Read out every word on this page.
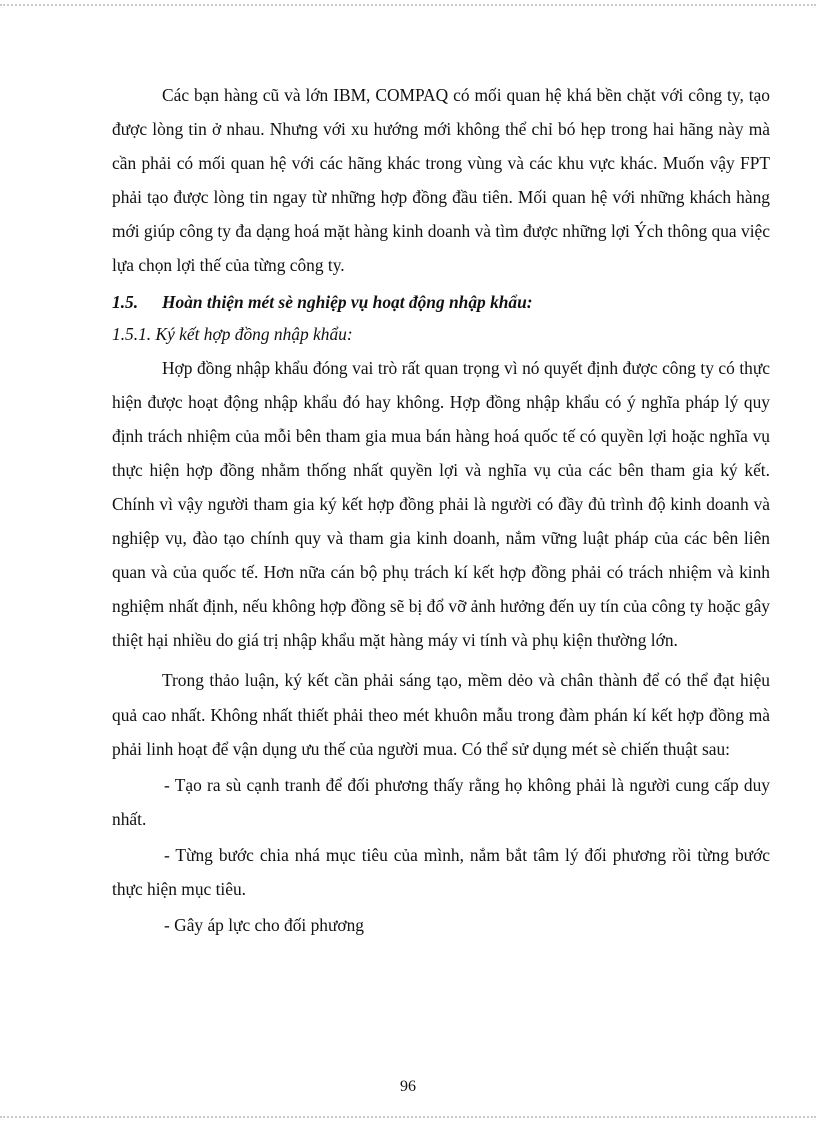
Các bạn hàng cũ và lớn IBM, COMPAQ có mối quan hệ khá bền chặt với công ty, tạo được lòng tin ở nhau. Nhưng với xu hướng mới không thể chỉ bó hẹp trong hai hãng này mà cần phải có mối quan hệ với các hãng khác trong vùng và các khu vực khác. Muốn vậy FPT phải tạo được lòng tin ngay từ những hợp đồng đầu tiên. Mối quan hệ với những khách hàng mới giúp công ty đa dạng hoá mặt hàng kinh doanh và tìm được những lợi Ých thông qua việc lựa chọn lợi thế của từng công ty.

1.5. Hoàn thiện mét sè nghiệp vụ hoạt động nhập khẩu:
1.5.1. Ký kết hợp đồng nhập khẩu:

Hợp đồng nhập khẩu đóng vai trò rất quan trọng vì nó quyết định được công ty có thực hiện được hoạt động nhập khẩu đó hay không. Hợp đồng nhập khẩu có ý nghĩa pháp lý quy định trách nhiệm của mỗi bên tham gia mua bán hàng hoá quốc tế có quyền lợi hoặc nghĩa vụ thực hiện hợp đồng nhằm thống nhất quyền lợi và nghĩa vụ của các bên tham gia ký kết. Chính vì vậy người tham gia ký kết hợp đồng phải là người có đầy đủ trình độ kinh doanh và nghiệp vụ, đào tạo chính quy và tham gia kinh doanh, nắm vững luật pháp của các bên liên quan và của quốc tế. Hơn nữa cán bộ phụ trách kí kết hợp đồng phải có trách nhiệm và kinh nghiệm nhất định, nếu không hợp đồng sẽ bị đổ vỡ ảnh hưởng đến uy tín của công ty hoặc gây thiệt hại nhiều do giá trị nhập khẩu mặt hàng máy vi tính và phụ kiện thường lớn.

Trong thảo luận, ký kết cần phải sáng tạo, mềm dẻo và chân thành để có thể đạt hiệu quả cao nhất. Không nhất thiết phải theo mét khuôn mẫu trong đàm phán kí kết hợp đồng mà phải linh hoạt để vận dụng ưu thế của người mua. Có thể sử dụng mét sè chiến thuật sau:

- Tạo ra sù cạnh tranh để đối phương thấy rằng họ không phải là người cung cấp duy nhất.

- Từng bước chia nhá mục tiêu của mình, nắm bắt tâm lý đối phương rồi từng bước thực hiện mục tiêu.

- Gây áp lực cho đối phương

96
